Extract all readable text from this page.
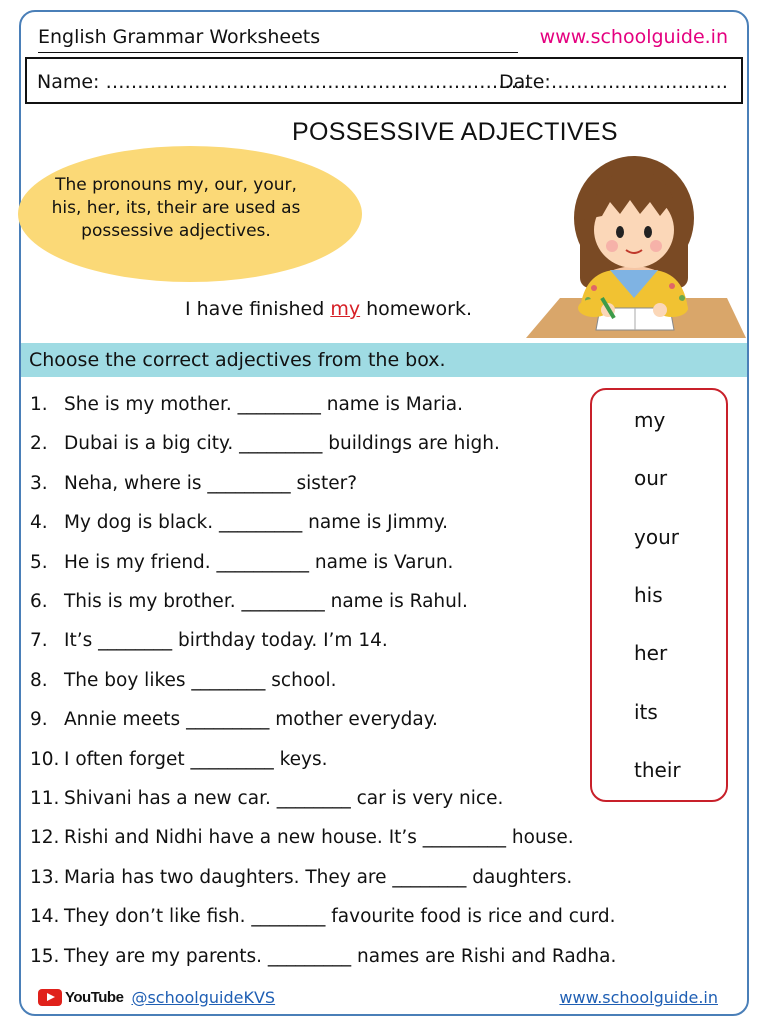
English Grammar Worksheets	www.schoolguide.in
Name: ………………………………………………………….
Date:……………………….
POSSESSIVE ADJECTIVES
The pronouns my, our, your, his, her, its, their are used as possessive adjectives.
I have finished my homework.
Choose the correct adjectives from the box.
1. She is my mother. _________ name is Maria.
2. Dubai is a big city. _________ buildings are high.
3. Neha, where is _________ sister?
4. My dog is black. _________ name is Jimmy.
5. He is my friend. __________ name is Varun.
6. This is my brother. _________ name is Rahul.
7. It’s ________ birthday today. I’m 14.
8. The boy likes ________ school.
9. Annie meets _________ mother everyday.
10. I often forget _________ keys.
11. Shivani has a new car. ________ car is very nice.
12. Rishi and Nidhi have a new house. It’s _________ house.
13. Maria has two daughters. They are ________ daughters.
14. They don’t like fish. ________ favourite food is rice and curd.
15. They are my parents. _________ names are Rishi and Radha.
my
our
your
his
her
its
their
YouTube @schoolguideKVS	www.schoolguide.in
